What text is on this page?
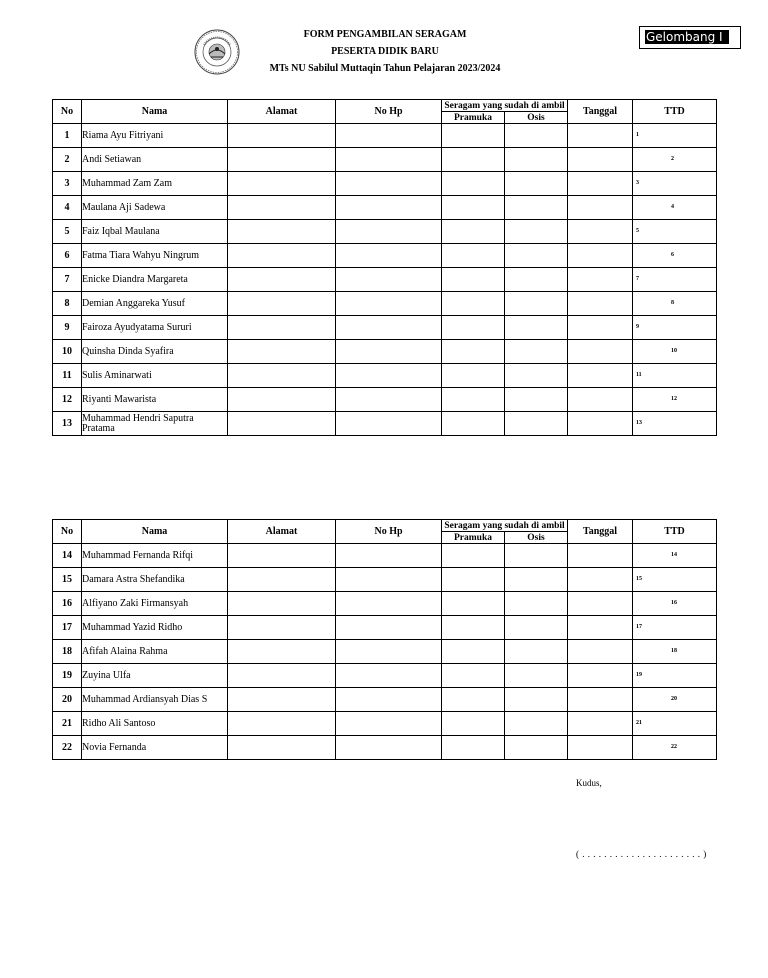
FORM PENGAMBILAN SERAGAM
PESERTA DIDIK BARU
MTs NU Sabilul Muttaqin Tahun Pelajaran 2023/2024
Gelombang I
No	Nama	Alamat	No Hp	Seragam yang sudah di ambil		Tanggal	TTD
				Pramuka	Osis		
1	Riama Ayu Fitriyani						1

2	Andi Setiawan						2

3	Muhammad Zam Zam						3

4	Maulana Aji Sadewa						4

5	Faiz Iqbal Maulana						5

6	Fatma Tiara Wahyu Ningrum						6

7	Enicke Diandra Margareta						7

8	Demian Anggareka Yusuf						8

9	Fairoza Ayudyatama Sururi						9

10	Quinsha Dinda Syafira						10

11	Sulis Aminarwati						11

12	Riyanti Mawarista						12

13	Muhammad Hendri Saputra Pratama						13
No	Nama	Alamat	No Hp	Seragam yang sudah di ambil		Tanggal	TTD
				Pramuka	Osis		
14	Muhammad Fernanda Rifqi						14

15	Damara Astra Shefandika						15

16	Alfiyano Zaki Firmansyah						16

17	Muhammad Yazid Ridho						17

18	Afifah Alaina Rahma						18

19	Zuyina Ulfa						19

20	Muhammad Ardiansyah Dias S						20

21	Ridho Ali Santoso						21

22	Novia Fernanda						22
Kudus,
( . . . . . . . . . . . . . . . . . . . . . . )
